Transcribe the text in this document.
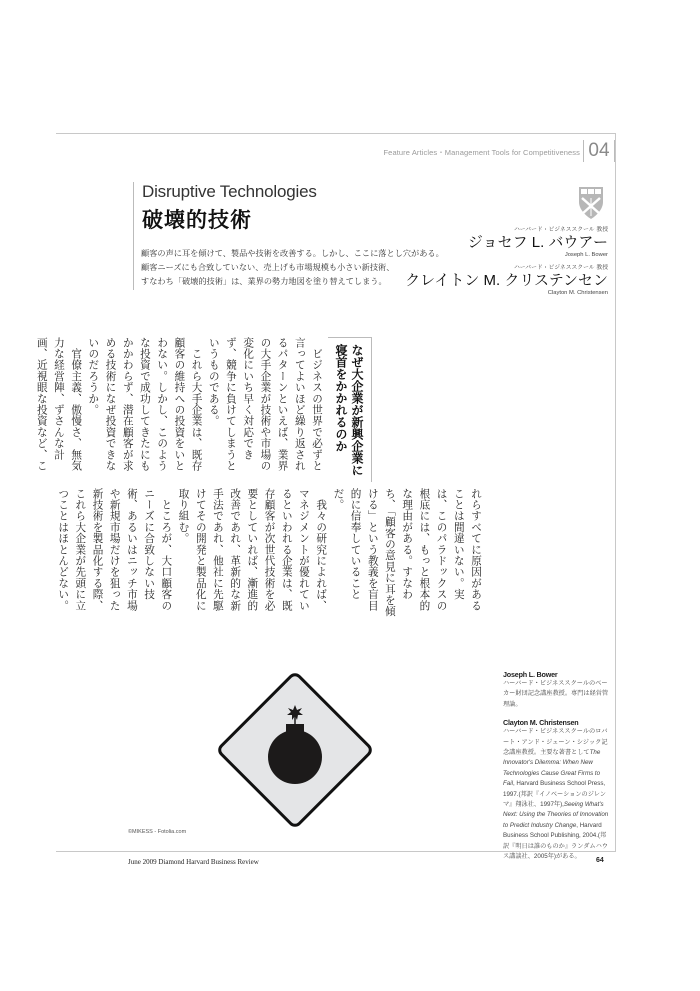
Feature Articles・Management Tools for Competitiveness 04
Disruptive Technologies
破壊的技術
顧客の声に耳を傾けて、製品や技術を改善する。しかし、ここに落とし穴がある。
顧客ニーズにも合致していない、売上げも市場規模も小さい新技術、
すなわち「破壊的技術」は、業界の勢力地図を塗り替えてしまう。
ハーバード・ビジネススクール 教授
ジョセフ L. バウアー
Joseph L. Bower
ハーバード・ビジネススクール 教授
クレイトン M. クリステンセン
Clayton M. Christensen
なぜ大企業が新興企業に寝首をかかれるのか

　ビジネスの世界で必ずと言ってよいほど繰り返されるパターンといえば、業界の大手企業が技術や市場の変化にいち早く対応できず、競争に負けてしまうというものである。

　これら大手企業は、既存顧客の維持への投資をいとわない。しかし、このような投資で成功してきたにもかかわらず、潜在顧客が求める技術になぜ投資できないのだろうか。

　官僚主義、傲慢さ、無気力な経営陣、ずさんな計画、近視眼な投資など、こ

れらすべてに原因があることは間違いない。実は、このパラドックスの根底には、もっと根本的な理由がある。すなわち、「顧客の意見に耳を傾ける」という教義を盲目的に信奉していることだ。

　我々の研究によれば、マネジメントが優れているといわれる企業は、既存顧客が次世代技術を必要としていれば、漸進的改善であれ、革新的な新手法であれ、他社に先駆けてその開発と製品化に取り組む。

　ところが、大口顧客のニーズに合致しない技術、あるいはニッチ市場や新規市場だけを狙った新技術を製品化する際、これら大企業が先頭に立つことはほとんどない。

©MIKESS - Fotolia.com
Joseph L. Bower
ハーバード・ビジネススクールのベーカー財団記念講座教授。専門は経営管理論。
Clayton M. Christensen
ハーバード・ビジネススクールのロバート・アンド・ジェーン・シジック記念講座教授。主要な著書としてThe Innovator's Dilemma: When New Technologies Cause Great Firms to Fail, Harvard Business School Press, 1997.(邦訳『イノベーションのジレンマ』翔泳社、1997年),Seeing What's Next: Using the Theories of Innovation to Predict Industry Change, Harvard Business School Publishing, 2004.(邦訳『明日は誰のものか』ランダムハウス講談社、2005年)がある。
June 2009 Diamond Harvard Business Review	64
